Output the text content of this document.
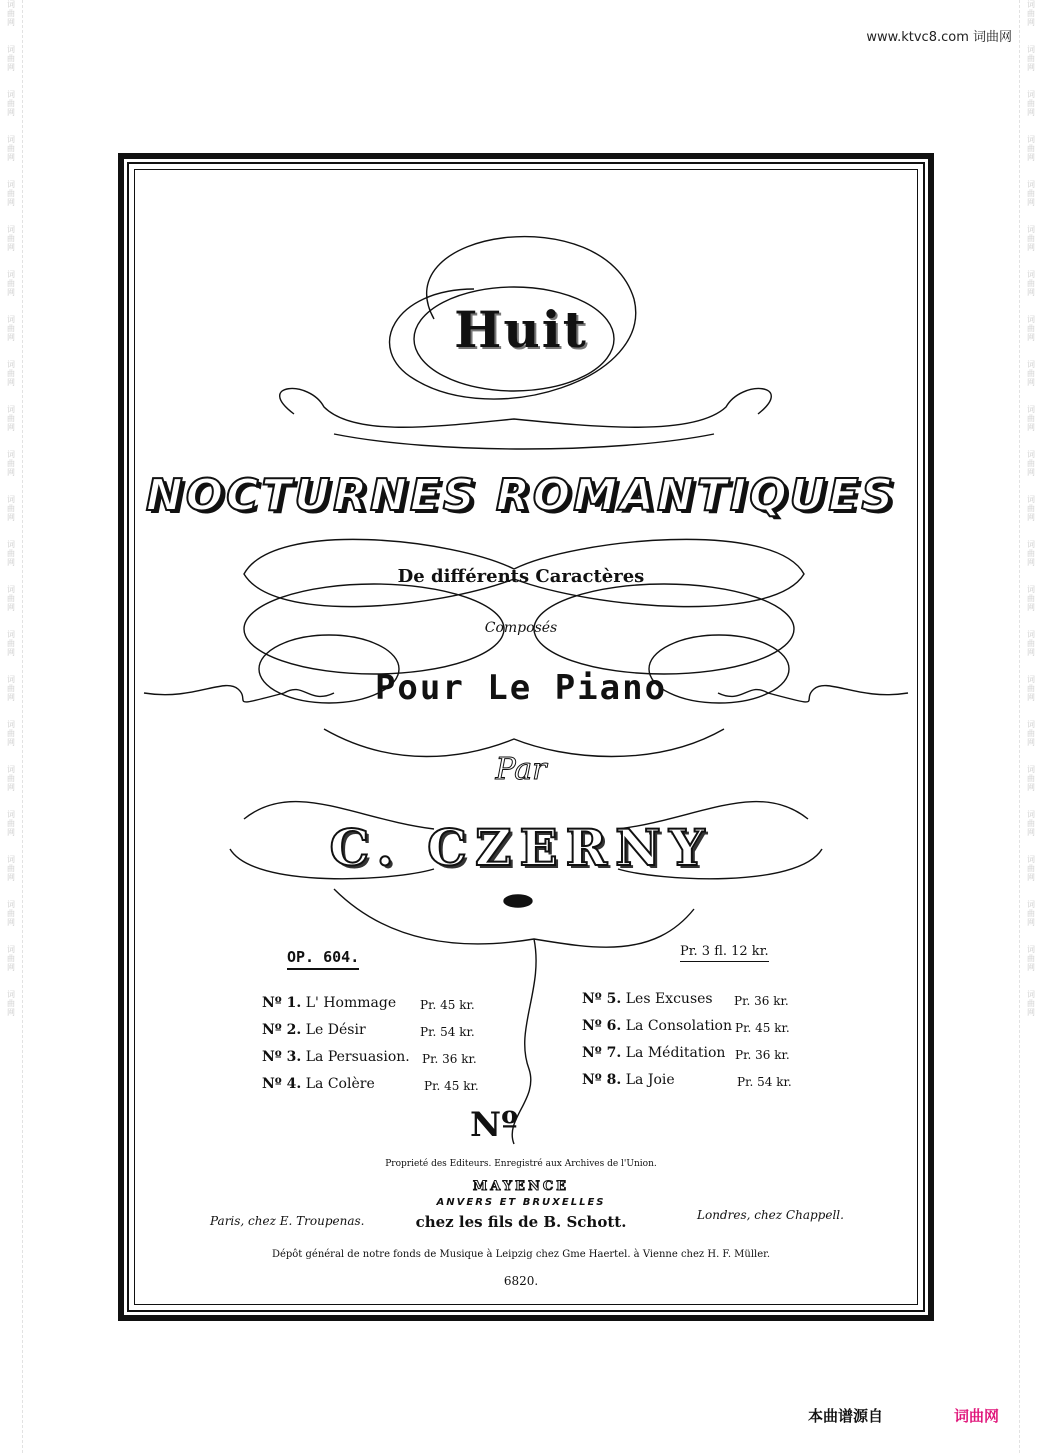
词
曲
网

词
曲
网

词
曲
网

词
曲
网

词
曲
网

词
曲
网

词
曲
网

词
曲
网

词
曲
网

词
曲
网

词
曲
网

词
曲
网

词
曲
网

词
曲
网

词
曲
网

词
曲
网

词
曲
网

词
曲
网

词
曲
网

词
曲
网

词
曲
网

词
曲
网

词
曲
网
词
曲
网

词
曲
网

词
曲
网

词
曲
网

词
曲
网

词
曲
网

词
曲
网

词
曲
网

词
曲
网

词
曲
网

词
曲
网

词
曲
网

词
曲
网

词
曲
网

词
曲
网

词
曲
网

词
曲
网

词
曲
网

词
曲
网

词
曲
网

词
曲
网

词
曲
网

词
曲
网
www.ktvc8.com 词曲网
Huit
NOCTURNES ROMANTIQUES
De différents Caractères
Composés
Pour Le Piano
Par
C. CZERNY
OP. 604.	Pr. 3 fl. 12 kr.
Nº 1. L' Hommage Pr. 45 kr.
Nº 2. Le Désir	Pr. 54 kr.
Nº 3. La Persuasion. Pr. 36 kr.
Nº 4. La Colère	Pr. 45 kr.
Nº 5. Les Excuses Pr. 36 kr.
Nº 6. La Consolation Pr. 45 kr.
Nº 7. La Méditation Pr. 36 kr.
Nº 8. La Joie	Pr. 54 kr.
Nº
Proprieté des Editeurs. Enregistré aux Archives de l'Union.
MAYENCE
ANVERS ET BRUXELLES
Paris, chez E. Troupenas.	chez les fils de B. Schott.	Londres, chez Chappell.
Dépôt général de notre fonds de Musique à Leipzig chez Gme Haertel. à Vienne chez H. F. Müller.
6820.
本曲谱源自	词曲网
